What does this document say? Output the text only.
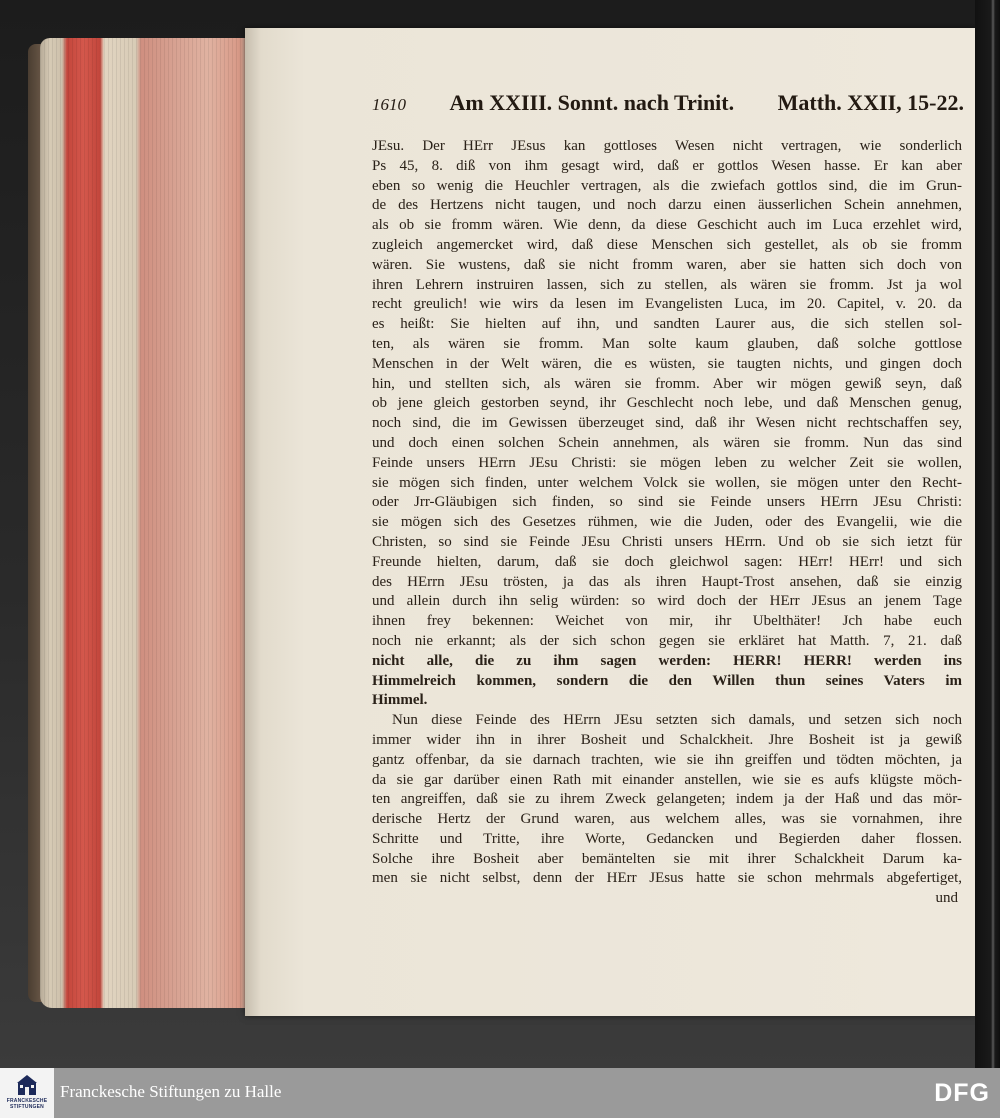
1610 Am XXIII. Sonnt. nach Trinit. Matth. XXII, 15-22.
JEsu. Der HErr JEsus kan gottloses Wesen nicht vertragen, wie sonderlich
Ps 45, 8. diß von ihm gesagt wird, daß er gottlos Wesen hasse. Er kan aber
eben so wenig die Heuchler vertragen, als die zwiefach gottlos sind, die im Grun-
de des Hertzens nicht taugen, und noch darzu einen äusserlichen Schein annehmen,
als ob sie fromm wären. Wie denn, da diese Geschicht auch im Luca erzehlet wird,
zugleich angemercket wird, daß diese Menschen sich gestellet, als ob sie fromm
wären. Sie wustens, daß sie nicht fromm waren, aber sie hatten sich doch von
ihren Lehrern instruiren lassen, sich zu stellen, als wären sie fromm. Jst ja wol
recht greulich! wie wirs da lesen im Evangelisten Luca, im 20. Capitel, v. 20. da
es heißt: Sie hielten auf ihn, und sandten Laurer aus, die sich stellen sol-
ten, als wären sie fromm. Man solte kaum glauben, daß solche gottlose
Menschen in der Welt wären, die es wüsten, sie taugten nichts, und gingen doch
hin, und stellten sich, als wären sie fromm. Aber wir mögen gewiß seyn, daß
ob jene gleich gestorben seynd, ihr Geschlecht noch lebe, und daß Menschen genug,
noch sind, die im Gewissen überzeuget sind, daß ihr Wesen nicht rechtschaffen sey,
und doch einen solchen Schein annehmen, als wären sie fromm. Nun das sind
Feinde unsers HErrn JEsu Christi: sie mögen leben zu welcher Zeit sie wollen,
sie mögen sich finden, unter welchem Volck sie wollen, sie mögen unter den Recht-
oder Jrr-Gläubigen sich finden, so sind sie Feinde unsers HErrn JEsu Christi:
sie mögen sich des Gesetzes rühmen, wie die Juden, oder des Evangelii, wie die
Christen, so sind sie Feinde JEsu Christi unsers HErrn. Und ob sie sich ietzt für
Freunde hielten, darum, daß sie doch gleichwol sagen: HErr! HErr! und sich
des HErrn JEsu trösten, ja das als ihren Haupt-Trost ansehen, daß sie einzig
und allein durch ihn selig würden: so wird doch der HErr JEsus an jenem Tage
ihnen frey bekennen: Weichet von mir, ihr Ubelthäter! Jch habe euch
noch nie erkannt; als der sich schon gegen sie erkläret hat Matth. 7, 21. daß
nicht alle, die zu ihm sagen werden: HERR! HERR! werden ins
Himmelreich kommen, sondern die den Willen thun seines Vaters im
Himmel.
Nun diese Feinde des HErrn JEsu setzten sich damals, und setzen sich noch
immer wider ihn in ihrer Bosheit und Schalckheit. Jhre Bosheit ist ja gewiß
gantz offenbar, da sie darnach trachten, wie sie ihn greiffen und tödten möchten, ja
da sie gar darüber einen Rath mit einander anstellen, wie sie es aufs klügste möch-
ten angreiffen, daß sie zu ihrem Zweck gelangeten; indem ja der Haß und das mör-
derische Hertz der Grund waren, aus welchem alles, was sie vornahmen, ihre
Schritte und Tritte, ihre Worte, Gedancken und Begierden daher flossen.
Solche ihre Bosheit aber bemäntelten sie mit ihrer Schalckheit Darum ka-
men sie nicht selbst, denn der HErr JEsus hatte sie schon mehrmals abgefertiget,
und
FRANCKESCHE STIFTUNGEN
Franckesche Stiftungen zu Halle	DFG
